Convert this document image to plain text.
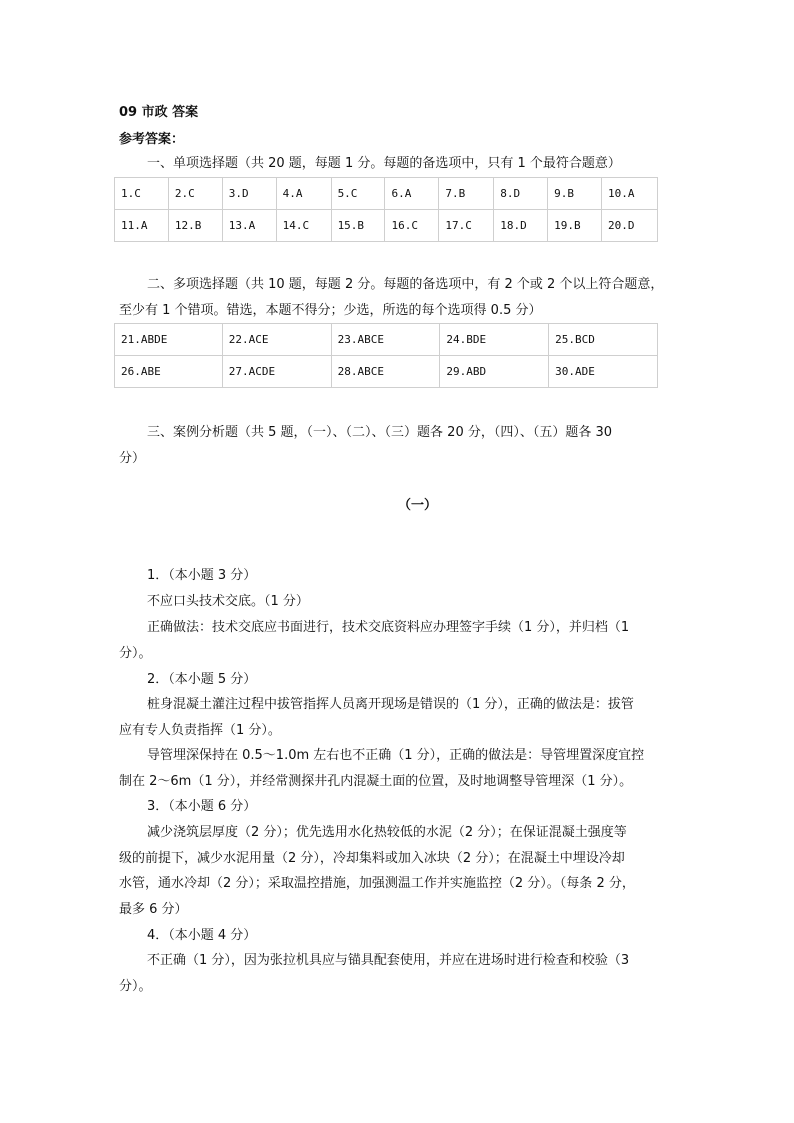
09 市政 答案
参考答案：
一、单项选择题（共 20 题，每题 1 分。每题的备选项中，只有 1 个最符合题意）
1.C	2.C	3.D	4.A	5.C	6.A	7.B	8.D	9.B	10.A
11.A	12.B	13.A	14.C	15.B	16.C	17.C	18.D	19.B	20.D
二、多项选择题（共 10 题，每题 2 分。每题的备选项中，有 2 个或 2 个以上符合题意，
至少有 1 个错项。错选，本题不得分；少选，所选的每个选项得 0.5 分）
21.ABDE	22.ACE	23.ABCE	24.BDE	25.BCD
26.ABE	27.ACDE	28.ABCE	29.ABD	30.ADE
三、案例分析题（共 5 题，（一）、（二）、（三）题各 20 分，（四）、（五）题各 30
分）
（一）
1．（本小题 3 分）
不应口头技术交底。（1 分）
正确做法：技术交底应书面进行，技术交底资料应办理签字手续（1 分），并归档（1
分）。
2．（本小题 5 分）
桩身混凝土灌注过程中拔管指挥人员离开现场是错误的（1 分），正确的做法是：拔管
应有专人负责指挥（1 分）。
导管埋深保持在 0.5～1.0m 左右也不正确（1 分），正确的做法是：导管埋置深度宜控
制在 2～6m（1 分），并经常测探井孔内混凝土面的位置，及时地调整导管埋深（1 分）。
3．（本小题 6 分）
减少浇筑层厚度（2 分）；优先选用水化热较低的水泥（2 分）；在保证混凝土强度等
级的前提下，减少水泥用量（2 分），冷却集料或加入冰块（2 分）；在混凝土中埋设冷却
水管，通水冷却（2 分）；采取温控措施，加强测温工作并实施监控（2 分）。（每条 2 分，
最多 6 分）
4．（本小题 4 分）
不正确（1 分），因为张拉机具应与锚具配套使用，并应在进场时进行检查和校验（3
分）。
